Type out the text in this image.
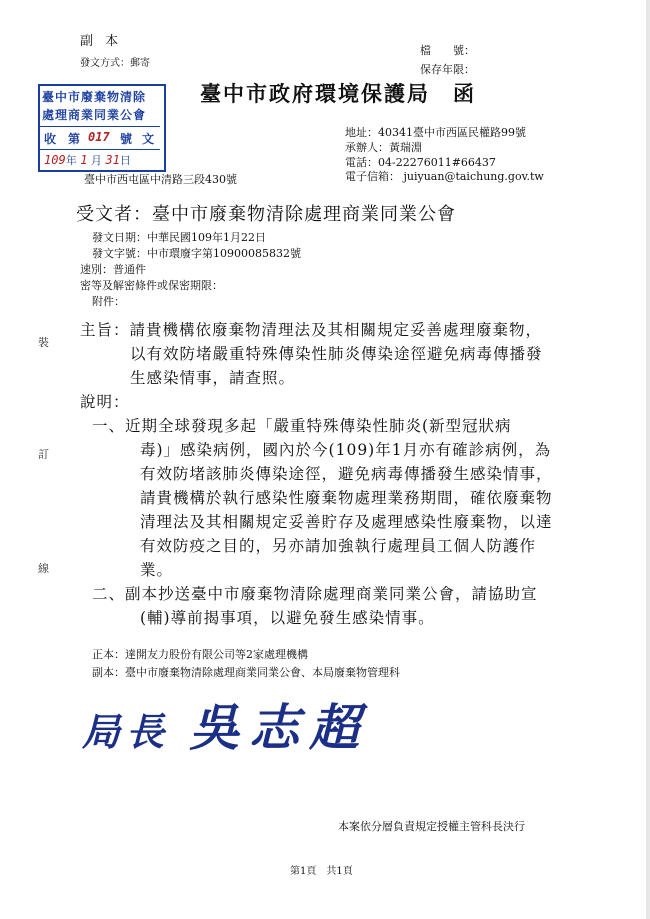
副 本
發文方式：郵寄
檔　　號：
保存年限：
臺中市廢棄物清除
處理商業同業公會
收 第 017 號 文
109年 1 月 31日
臺中市政府環境保護局　函
地址：40341臺中市西區民權路99號
承辦人：黃瑞淵
電話：04-22276011#66437
電子信箱： juiyuan@taichung.gov.tw
臺中市西屯區中清路三段430號
受文者：臺中市廢棄物清除處理商業同業公會
發文日期：中華民國109年1月22日
發文字號：中市環廢字第10900085832號
速別：普通件
密等及解密條件或保密期限：
附件：
主旨：請貴機構依廢棄物清理法及其相關規定妥善處理廢棄物，
以有效防堵嚴重特殊傳染性肺炎傳染途徑避免病毒傳播發
生感染情事，請查照。
說明：
一、近期全球發現多起「嚴重特殊傳染性肺炎(新型冠狀病
毒)」感染病例，國內於今(109)年1月亦有確診病例，為
有效防堵該肺炎傳染途徑，避免病毒傳播發生感染情事，
請貴機構於執行感染性廢棄物處理業務期間，確依廢棄物
清理法及其相關規定妥善貯存及處理感染性廢棄物，以達
有效防疫之目的，另亦請加強執行處理員工個人防護作
業。
二、副本抄送臺中市廢棄物清除處理商業同業公會，請協助宣
(輔)導前揭事項，以避免發生感染情事。
正本：達開友力股份有限公司等2家處理機構
副本：臺中市廢棄物清除處理商業同業公會、本局廢棄物管理科
局長 吳志超
本案依分層負責規定授權主管科長決行
第1頁　共1頁
裝
訂
線
